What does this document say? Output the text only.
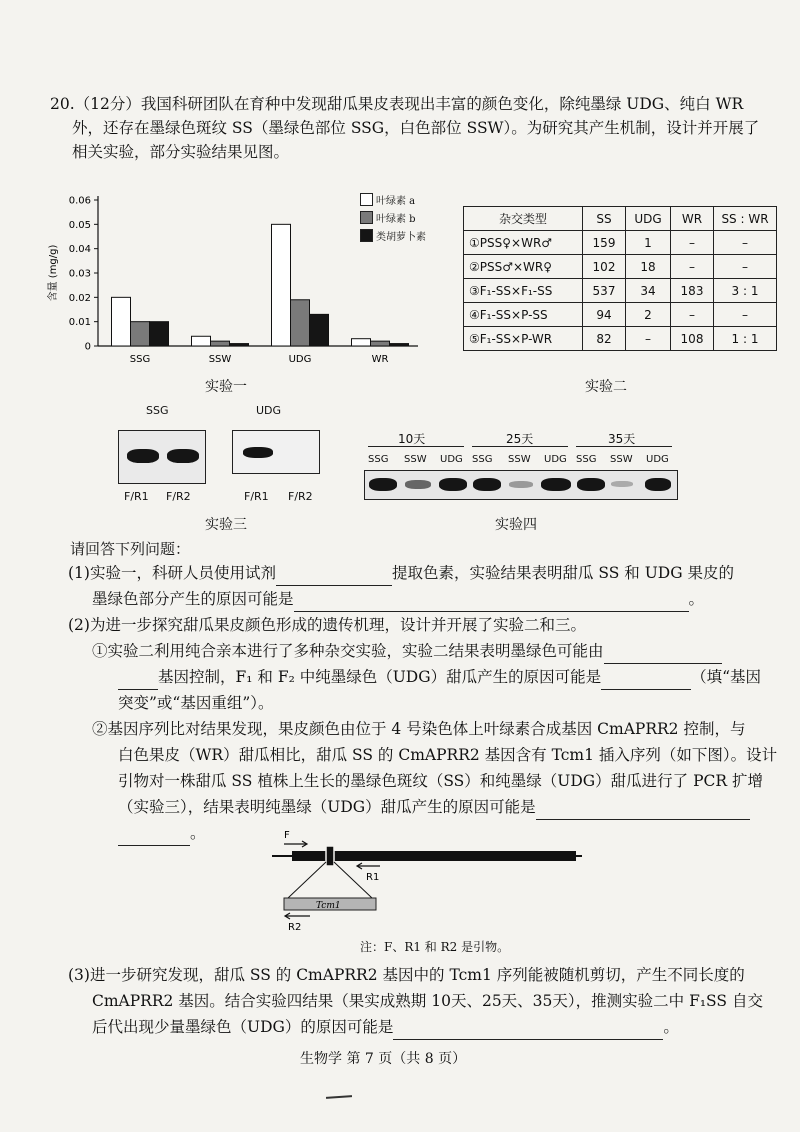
20.（12分）我国科研团队在育种中发现甜瓜果皮表现出丰富的颜色变化，除纯墨绿 UDG、纯白 WR
外，还存在墨绿色斑纹 SS（墨绿色部位 SSG，白色部位 SSW）。为研究其产生机制，设计并开展了
相关实验，部分实验结果见图。
0
0.01
0.02
0.03
0.04
0.05
0.06
含量 (mg/g)
SSG	SSW	UDG	WR
叶绿素 a
叶绿素 b
类胡萝卜素
实验一
杂交类型	SS	UDG	WR	SS : WR
①PSS♀×WR♂	159	1	–	–
②PSS♂×WR♀	102	18	–	–
③F₁-SS×F₁-SS	537	34	183	3 : 1
④F₁-SS×P-SS	94	2	–	–
⑤F₁-SS×P-WR	82	–	108	1 : 1
实验二
SSG	UDG
F/R1 F/R2	F/R1 F/R2
实验三
10天	25天	35天
SSG SSW UDG SSG SSW UDG SSG SSW UDG
实验四
请回答下列问题：
(1)实验一，科研人员使用试剂	提取色素，实验结果表明甜瓜 SS 和 UDG 果皮的
墨绿色部分产生的原因可能是	。
(2)为进一步探究甜瓜果皮颜色形成的遗传机理，设计并开展了实验二和三。
①实验二利用纯合亲本进行了多种杂交实验，实验二结果表明墨绿色可能由
基因控制，F₁ 和 F₂ 中纯墨绿色（UDG）甜瓜产生的原因可能是	（填“基因
突变”或“基因重组”）。
②基因序列比对结果发现，果皮颜色由位于 4 号染色体上叶绿素合成基因 CmAPRR2 控制，与
白色果皮（WR）甜瓜相比，甜瓜 SS 的 CmAPRR2 基因含有 Tcm1 插入序列（如下图）。设计
引物对一株甜瓜 SS 植株上生长的墨绿色斑纹（SS）和纯墨绿（UDG）甜瓜进行了 PCR 扩增
（实验三），结果表明纯墨绿（UDG）甜瓜产生的原因可能是
。	F
R1
R2
Tcm1
注：F、R1 和 R2 是引物。
(3)进一步研究发现，甜瓜 SS 的 CmAPRR2 基因中的 Tcm1 序列能被随机剪切，产生不同长度的
CmAPRR2 基因。结合实验四结果（果实成熟期 10天、25天、35天），推测实验二中 F₁SS 自交
后代出现少量墨绿色（UDG）的原因可能是	。
生物学 第 7 页（共 8 页）
